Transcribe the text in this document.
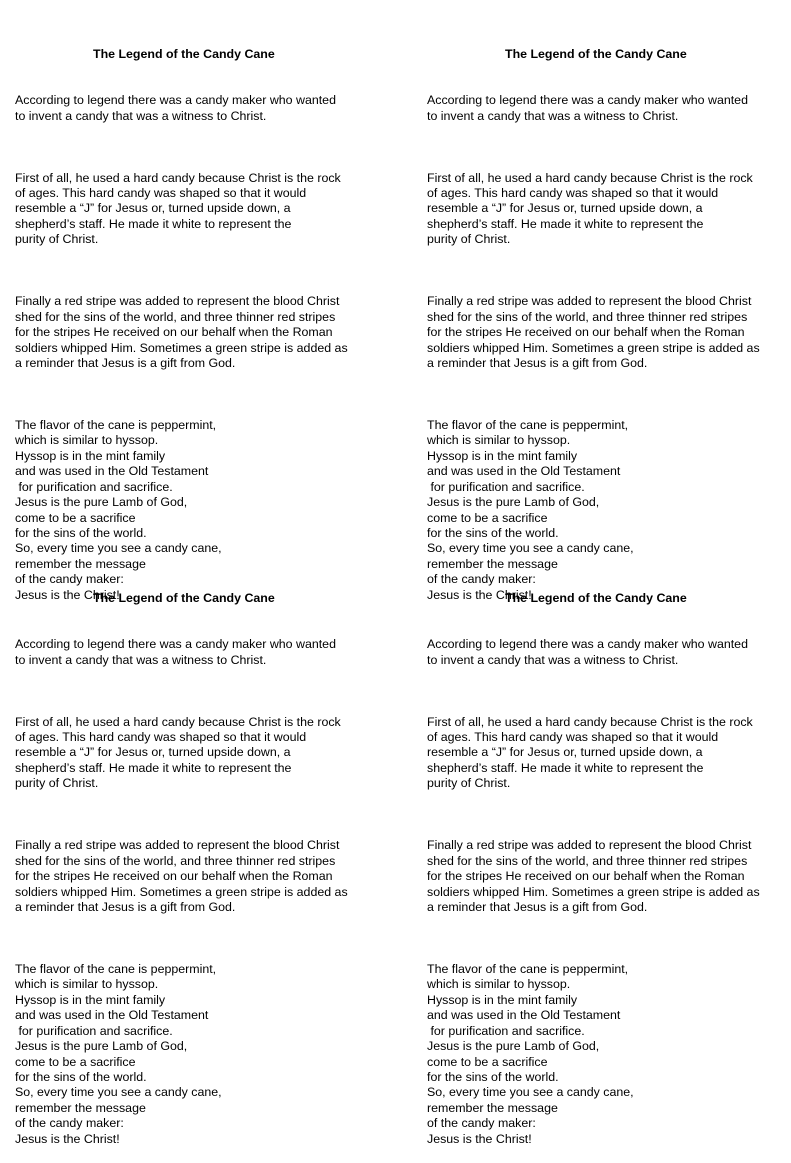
The Legend of the Candy Cane

According to legend there was a candy maker who wanted
to invent a candy that was a witness to Christ.

First of all, he used a hard candy because Christ is the rock
of ages. This hard candy was shaped so that it would
resemble a “J” for Jesus or, turned upside down, a
shepherd’s staff. He made it white to represent the
purity of Christ.

Finally a red stripe was added to represent the blood Christ
shed for the sins of the world, and three thinner red stripes
for the stripes He received on our behalf when the Roman
soldiers whipped Him. Sometimes a green stripe is added as
a reminder that Jesus is a gift from God.

The flavor of the cane is peppermint,
which is similar to hyssop.
Hyssop is in the mint family
and was used in the Old Testament
for purification and sacrifice.
Jesus is the pure Lamb of God,
come to be a sacrifice
for the sins of the world.
So, every time you see a candy cane,
remember the message
of the candy maker:
Jesus is the Christ!

The Legend of the Candy Cane

According to legend there was a candy maker who wanted
to invent a candy that was a witness to Christ.

First of all, he used a hard candy because Christ is the rock
of ages. This hard candy was shaped so that it would
resemble a “J” for Jesus or, turned upside down, a
shepherd’s staff. He made it white to represent the
purity of Christ.

Finally a red stripe was added to represent the blood Christ
shed for the sins of the world, and three thinner red stripes
for the stripes He received on our behalf when the Roman
soldiers whipped Him. Sometimes a green stripe is added as
a reminder that Jesus is a gift from God.

The flavor of the cane is peppermint,
which is similar to hyssop.
Hyssop is in the mint family
and was used in the Old Testament
for purification and sacrifice.
Jesus is the pure Lamb of God,
come to be a sacrifice
for the sins of the world.
So, every time you see a candy cane,
remember the message
of the candy maker:
Jesus is the Christ!

The Legend of the Candy Cane

According to legend there was a candy maker who wanted
to invent a candy that was a witness to Christ.

First of all, he used a hard candy because Christ is the rock
of ages. This hard candy was shaped so that it would
resemble a “J” for Jesus or, turned upside down, a
shepherd’s staff. He made it white to represent the
purity of Christ.

Finally a red stripe was added to represent the blood Christ
shed for the sins of the world, and three thinner red stripes
for the stripes He received on our behalf when the Roman
soldiers whipped Him. Sometimes a green stripe is added as
a reminder that Jesus is a gift from God.

The flavor of the cane is peppermint,
which is similar to hyssop.
Hyssop is in the mint family
and was used in the Old Testament
for purification and sacrifice.
Jesus is the pure Lamb of God,
come to be a sacrifice
for the sins of the world.
So, every time you see a candy cane,
remember the message
of the candy maker:
Jesus is the Christ!

The Legend of the Candy Cane

According to legend there was a candy maker who wanted
to invent a candy that was a witness to Christ.

First of all, he used a hard candy because Christ is the rock
of ages. This hard candy was shaped so that it would
resemble a “J” for Jesus or, turned upside down, a
shepherd’s staff. He made it white to represent the
purity of Christ.

Finally a red stripe was added to represent the blood Christ
shed for the sins of the world, and three thinner red stripes
for the stripes He received on our behalf when the Roman
soldiers whipped Him. Sometimes a green stripe is added as
a reminder that Jesus is a gift from God.

The flavor of the cane is peppermint,
which is similar to hyssop.
Hyssop is in the mint family
and was used in the Old Testament
for purification and sacrifice.
Jesus is the pure Lamb of God,
come to be a sacrifice
for the sins of the world.
So, every time you see a candy cane,
remember the message
of the candy maker:
Jesus is the Christ!
